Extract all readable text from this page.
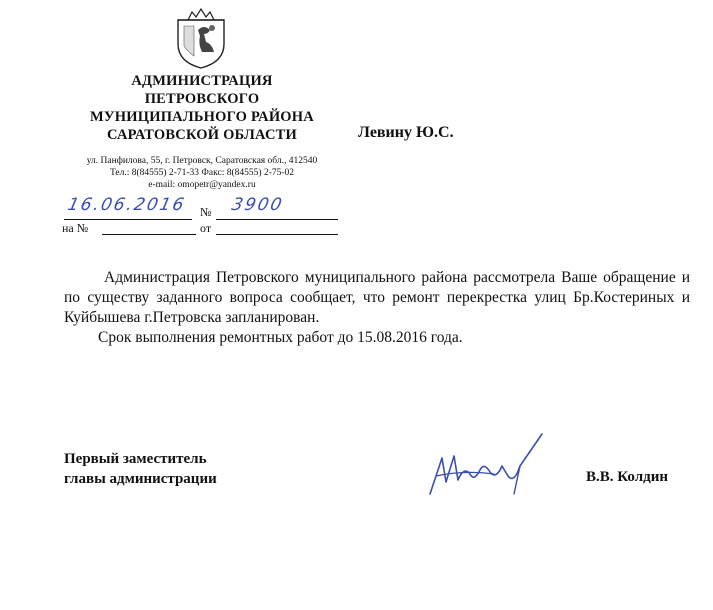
АДМИНИСТРАЦИЯ
ПЕТРОВСКОГО
МУНИЦИПАЛЬНОГО РАЙОНА
САРАТОВСКОЙ ОБЛАСТИ
ул. Панфилова, 55, г. Петровск, Саратовская обл., 412540
Тел.: 8(84555) 2-71-33 Факс: 8(84555) 2-75-02
e-mail: omopetr@yandex.ru
Левину Ю.С.
16.06.2016 № 3900
на №	от

Администрация Петровского муниципального района рассмотрела Ваше обращение и по существу заданного вопроса сообщает, что ремонт перекрестка улиц Бр.Костериных и Куйбышева г.Петровска запланирован.

Срок выполнения ремонтных работ до 15.08.2016 года.

Первый заместитель
главы администрации	В.В. Колдин
